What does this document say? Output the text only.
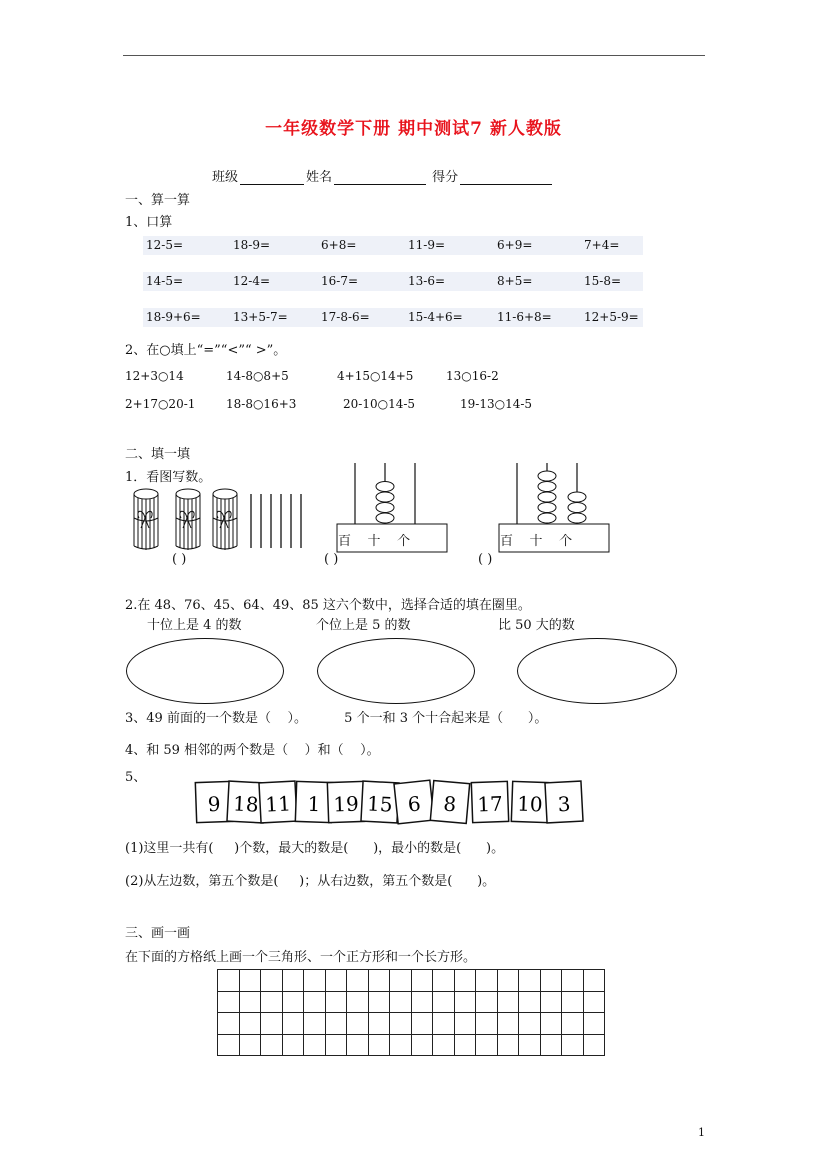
一年级数学下册 期中测试7 新人教版
班级	姓名	得分
一、算一算
1、口算
12-5=	18-9=	6+8=	11-9=	6+9=	7+4=
14-5=	12-4=	16-7=	13-6=	8+5=	15-8=
18-9+6=	13+5-7=	17-8-6=	15-4+6=	11-6+8=	12+5-9=
2、在○填上“=”“<”“ >”。
12+3○14	14-8○8+5	4+15○14+5	13○16-2
2+17○20-1	18-8○16+3	20-10○14-5	19-13○14-5
二、填一填
1．看图写数。
百 十 个	百 十 个
( )	( )	( )
2.在 48、76、45、64、49、85 这六个数中，选择合适的填在圈里。
十位上是 4 的数	个位上是 5 的数	比 50 大的数
3、49 前面的一个数是（    ）。         5 个一和 3 个十合起来是（      ）。
4、和 59 相邻的两个数是（    ）和（    ）。
5、
9 18 11 1 19 15 6 8 17 10 3
(1)这里一共有(     )个数，最大的数是(      )，最小的数是(      )。
(2)从左边数，第五个数是(     )；从右边数，第五个数是(      )。
三、画一画
在下面的方格纸上画一个三角形、一个正方形和一个长方形。

1
